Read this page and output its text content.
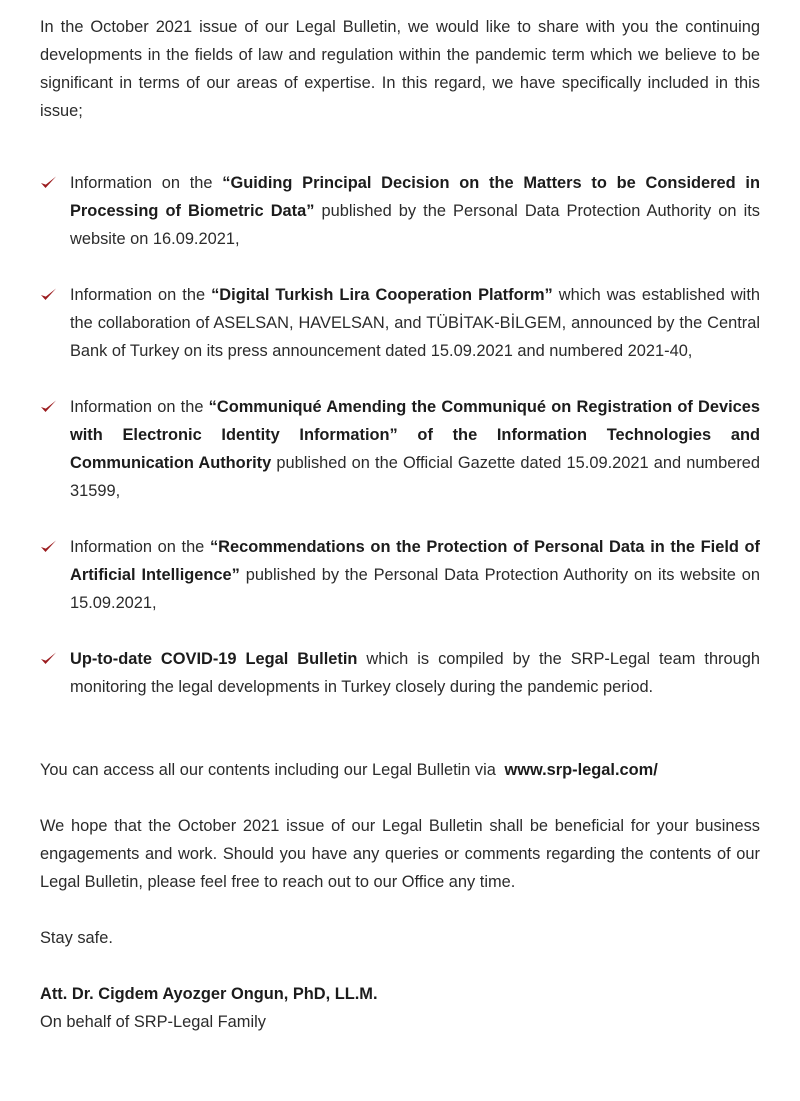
In the October 2021 issue of our Legal Bulletin, we would like to share with you the continuing developments in the fields of law and regulation within the pandemic term which we believe to be significant in terms of our areas of expertise. In this regard, we have specifically included in this issue;

Information on the “Guiding Principal Decision on the Matters to be Considered in Processing of Biometric Data” published by the Personal Data Protection Authority on its website on 16.09.2021,

Information on the “Digital Turkish Lira Cooperation Platform” which was established with the collaboration of ASELSAN, HAVELSAN, and TÜBİTAK-BİLGEM, announced by the Central Bank of Turkey on its press announcement dated 15.09.2021 and numbered 2021-40,

Information on the “Communiqué Amending the Communiqué on Registration of Devices with Electronic Identity Information” of the Information Technologies and Communication Authority published on the Official Gazette dated 15.09.2021 and numbered 31599,

Information on the “Recommendations on the Protection of Personal Data in the Field of Artificial Intelligence” published by the Personal Data Protection Authority on its website on 15.09.2021,

Up-to-date COVID-19 Legal Bulletin which is compiled by the SRP-Legal team through monitoring the legal developments in Turkey closely during the pandemic period.

You can access all our contents including our Legal Bulletin via www.srp-legal.com/

We hope that the October 2021 issue of our Legal Bulletin shall be beneficial for your business engagements and work. Should you have any queries or comments regarding the contents of our Legal Bulletin, please feel free to reach out to our Office any time.

Stay safe.

Att. Dr. Cigdem Ayozger Ongun, PhD, LL.M.
On behalf of SRP-Legal Family
